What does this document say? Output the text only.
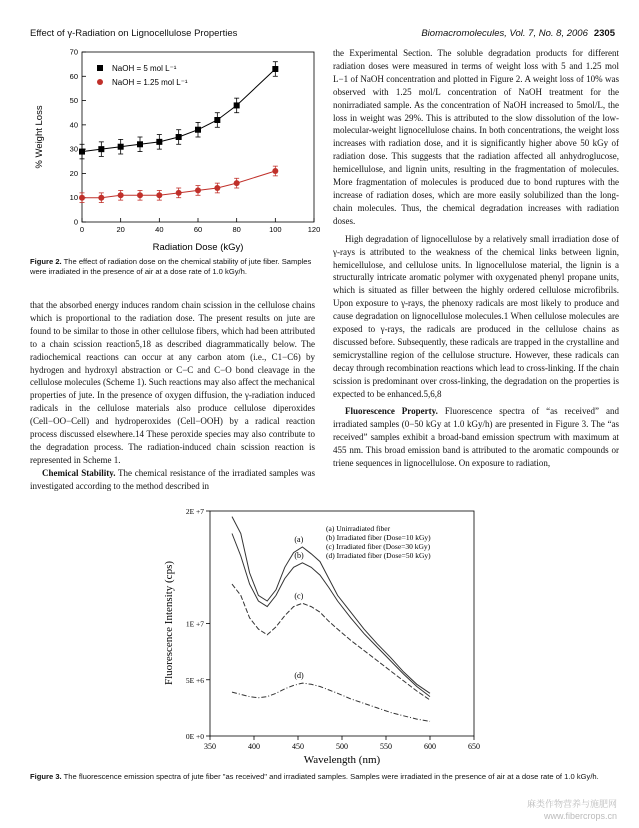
Effect of γ-Radiation on Lignocellulose Properties	Biomacromolecules, Vol. 7, No. 8, 2006 2305
0	20	40	60	80	100	120
0
10
20
30
40
50
60
70
NaOH = 5 mol L⁻¹
NaOH = 1.25 mol L⁻¹
Radiation Dose (kGy)
% Weight Loss
Figure 2. The effect of radiation dose on the chemical stability of jute fiber. Samples were irradiated in the presence of air at a dose rate of 1.0 kGy/h.

that the absorbed energy induces random chain scission in the cellulose chains which is proportional to the radiation dose. The present results on jute are found to be similar to those in other cellulose fibers, which had been attributed to a chain scission reaction5,18 as described diagrammatically below. The radiochemical reactions can occur at any carbon atom (i.e., C1−C6) by hydrogen and hydroxyl abstraction or C−C and C−O bond cleavage in the cellulose molecules (Scheme 1). Such reactions may also affect the mechanical properties of jute. In the presence of oxygen diffusion, the γ-radiation induced radicals in the cellulose materials also produce cellulose diperoxides (Cell−OO−Cell) and hydroperoxides (Cell−OOH) by a radical reaction process discussed elsewhere.14 These peroxide species may also contribute to the degradation process. The radiation-induced chain scission reaction is represented in Scheme 1.

Chemical Stability. The chemical resistance of the irradiated samples was investigated according to the method described in

the Experimental Section. The soluble degradation products for different radiation doses were measured in terms of weight loss with 5 and 1.25 mol L−1 of NaOH concentration and plotted in Figure 2. A weight loss of 10% was observed with 1.25 mol/L concentration of NaOH treatment for the nonirradiated sample. As the concentration of NaOH increased to 5mol/L, the loss in weight was 29%. This is attributed to the slow dissolution of the low-molecular-weight lignocellulose chains. In both concentrations, the weight loss increases with radiation dose, and it is significantly higher above 50 kGy of radiation dose. This suggests that the radiation affected all anhydroglucose, hemicellulose, and lignin units, resulting in the fragmentation of molecules. More fragmentation of molecules is produced due to bond ruptures with the increase of radiation doses, which are more easily solubilized than the long-chain molecules. Thus, the chemical degradation increases with radiation doses.

High degradation of lignocellulose by a relatively small irradiation dose of γ-rays is attributed to the weakness of the chemical links between lignin, hemicellulose, and cellulose units. In lignocellulose material, the lignin is a structurally intricate aromatic polymer with oxygenated phenyl propane units, which is situated as filler between the highly ordered cellulose microfibrils. Upon exposure to γ-rays, the phenoxy radicals are most likely to produce and cause degradation on lignocellulose molecules.1 When cellulose molecules are exposed to γ-rays, the radicals are produced in the cellulose chains as discussed before. Subsequently, these radicals are trapped in the crystalline and semicrystalline region of the cellulose structure. However, these radicals can decay through recombination reactions which lead to cross-linking. If the chain scission is predominant over cross-linking, the degradation on the properties is expected to be enhanced.5,6,8

Fluorescence Property. Fluorescence spectra of “as received” and irradiated samples (0−50 kGy at 1.0 kGy/h) are presented in Figure 3. The “as received” samples exhibit a broad-band emission spectrum with maximum at 455 nm. This broad emission band is attributed to the aromatic compounds or triene sequences in lignocellulose. On exposure to radiation,

350	400	450	500	550	600	650
0E +0
5E +6
1E +7
2E +7
(a)
(b)
(c)
(d)
(a) Unirradiated fiber
(b) Irradiated fiber (Dose=10 kGy)
(c) Irradiated fiber (Dose=30 kGy)
(d) Irradiated fiber (Dose=50 kGy)
Wavelength (nm)
Fluorescence Intensity (cps)
Figure 3. The fluorescence emission spectra of jute fiber "as received" and irradiated samples. Samples were irradiated in the presence of air at a dose rate of 1.0 kGy/h.
麻类作物营养与施肥网
www.fibercrops.cn
